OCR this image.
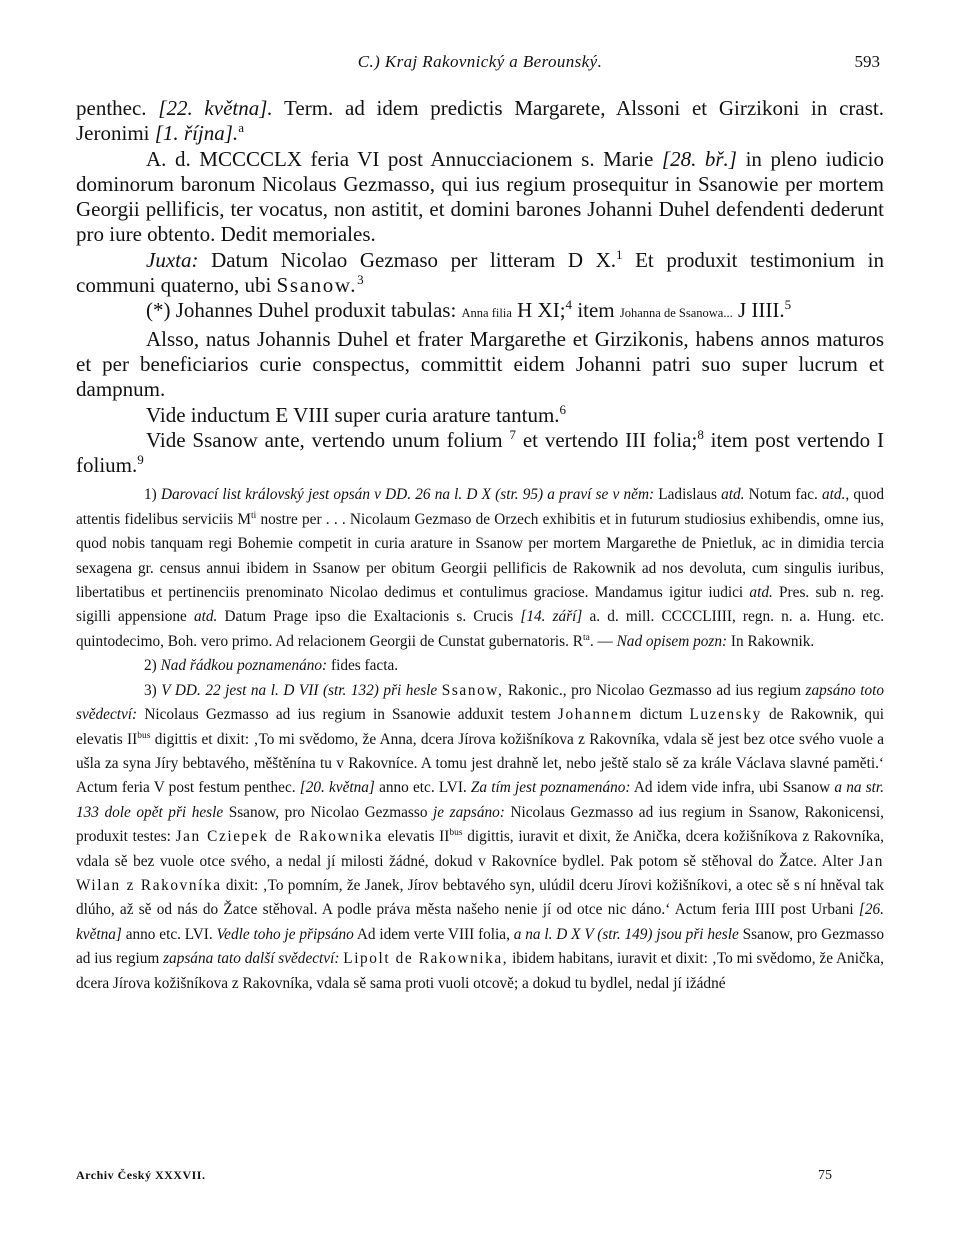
C.) Kraj Rakovnický a Berounský.	593

penthec. [22. května]. Term. ad idem predictis Margarete, Alssoni et Girzikoni in crast. Jeronimi [1. října].$^a$

A. d. MCCCCLX feria VI post Annucciacionem s. Marie [28. bř.] in pleno iudicio dominorum baronum Nicolaus Gezmasso, qui ius regium prosequitur in Ssanowie per mortem Georgii pellificis, ter vocatus, non astitit, et domini barones Johanni Duhel defendenti dederunt pro iure obtento. Dedit memoriales.

Juxta: Datum Nicolao Gezmaso per litteram D X.$^1$ Et produxit testimonium in communi quaterno, ubi Ssanow.$^3$

(*) Johannes Duhel produxit tabulas: Anna filia H XI;$^4$ item Johanna de Ssanowa... J IIII.$^5$

Alsso, natus Johannis Duhel et frater Margarethe et Girzikonis, habens annos maturos et per beneficiarios curie conspectus, committit eidem Johanni patri suo super lucrum et dampnum.

Vide inductum E VIII super curia arature tantum.$^6$

Vide Ssanow ante, vertendo unum folium $^7$ et vertendo III folia;$^8$ item post vertendo I folium.$^9$

1) Darovací list královský jest opsán v DD. 26 na l. D X (str. 95) a praví se v něm: Ladislaus atd. Notum fac. atd., quod attentis fidelibus serviciis $M^{ti}$ nostre per . . . Nicolaum Gezmaso de Orzech exhibitis et in futurum studiosius exhibendis, omne ius, quod nobis tanquam regi Bohemie competit in curia arature in Ssanow per mortem Margarethe de Pnietluk, ac in dimidia tercia sexagena gr. census annui ibidem in Ssanow per obitum Georgii pellificis de Rakownik ad nos devoluta, cum singulis iuribus, libertatibus et pertinenciis prenominato Nicolao dedimus et contulimus graciose. Mandamus igitur iudici atd. Pres. sub n. reg. sigilli appensione atd. Datum Prage ipso die Exaltacionis s. Crucis [14. září] a. d. mill. CCCCLIIII, regn. n. a. Hung. etc. quintodecimo, Boh. vero primo. Ad relacionem Georgii de Cunstat gubernatoris. $R^{ta}$. — Nad opisem pozn: In Rakownik.

2) Nad řádkou poznamenáno: fides facta.

3) V DD. 22 jest na l. D VII (str. 132) při hesle Ssanow, Rakonic., pro Nicolao Gezmasso ad ius regium zapsáno toto svědectví: Nicolaus Gezmasso ad ius regium in Ssanowie adduxit testem Johannem dictum Luzensky de Rakownik, qui elevatis $II^{bus}$ digittis et dixit: ‚To mi svědomo, že Anna, dcera Jírova kožišníkova z Rakovníka, vdala sě jest bez otce svého vuole a ušla za syna Jíry bebtavého, měštěnína tu v Rakovníce. A tomu jest drahně let, nebo ještě stalo sě za krále Václava slavné paměti.‘ Actum feria V post festum penthec. [20. května] anno etc. LVI. Za tím jest poznamenáno: Ad idem vide infra, ubi Ssanow a na str. 133 dole opět při hesle Ssanow, pro Nicolao Gezmasso je zapsáno: Nicolaus Gezmasso ad ius regium in Ssanow, Rakonicensi, produxit testes: Jan Cziepek de Rakownika elevatis $II^{bus}$ digittis, iuravit et dixit, že Anička, dcera kožišníkova z Rakovníka, vdala sě bez vuole otce svého, a nedal jí milosti žádné, dokud v Rakovníce bydlel. Pak potom sě stěhoval do Žatce. Alter Jan Wilan z Rakovníka dixit: ‚To pomním, že Janek, Jírov bebtavého syn, ulúdil dceru Jírovi kožišníkovi, a otec sě s ní hněval tak dlúho, až sě od nás do Žatce stěhoval. A podle práva města našeho nenie jí od otce nic dáno.‘ Actum feria IIII post Urbani [26. května] anno etc. LVI. Vedle toho je připsáno Ad idem verte VIII folia, a na l. D X V (str. 149) jsou při hesle Ssanow, pro Gezmasso ad ius regium zapsána tato další svědectví: Lipolt de Rakownika, ibidem habitans, iuravit et dixit: ‚To mi svědomo, že Anička, dcera Jírova kožišníkova z Rakovníka, vdala sě sama proti vuoli otcově; a dokud tu bydlel, nedal jí ižádné

Archiv Český XXXVII.	75
